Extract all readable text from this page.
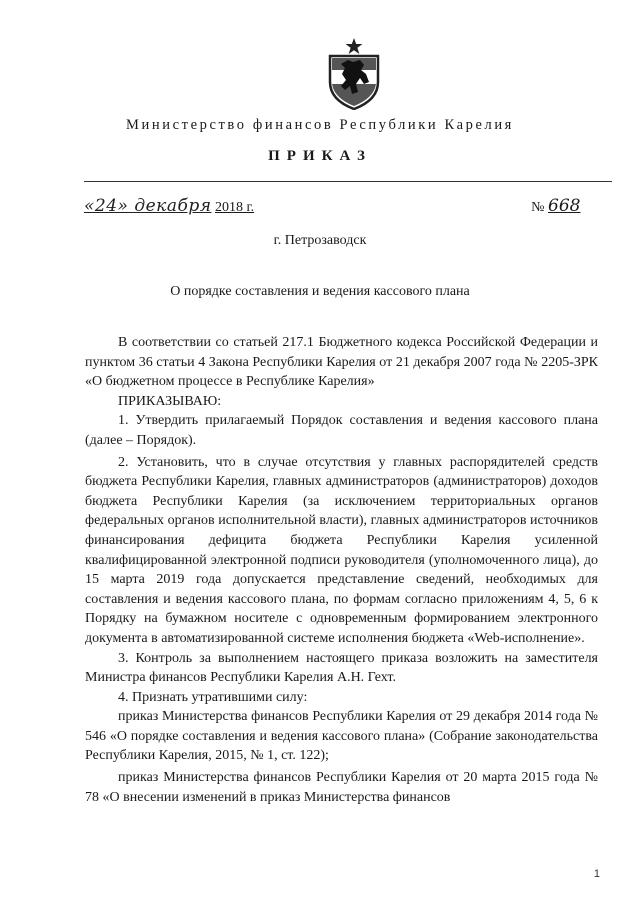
Министерство финансов Республики Карелия
ПРИКАЗ
«24» декабря 2018 г.	№ 668
г. Петрозаводск
О порядке составления и ведения кассового плана

В соответствии со статьей 217.1 Бюджетного кодекса Российской Федерации и пунктом 36 статьи 4 Закона Республики Карелия от 21 декабря 2007 года № 2205-ЗРК «О бюджетном процессе в Республике Карелия»

ПРИКАЗЫВАЮ:

1. Утвердить прилагаемый Порядок составления и ведения кассового плана (далее – Порядок).

2. Установить, что в случае отсутствия у главных распорядителей средств бюджета Республики Карелия, главных администраторов (администраторов) доходов бюджета Республики Карелия (за исключением территориальных органов федеральных органов исполнительной власти), главных администраторов источников финансирования дефицита бюджета Республики Карелия усиленной квалифицированной электронной подписи руководителя (уполномоченного лица), до 15 марта 2019 года допускается представление сведений, необходимых для составления и ведения кассового плана, по формам согласно приложениям 4, 5, 6 к Порядку на бумажном носителе с одновременным формированием электронного документа в автоматизированной системе исполнения бюджета «Web-исполнение».

3. Контроль за выполнением настоящего приказа возложить на заместителя Министра финансов Республики Карелия А.Н. Гехт.

4. Признать утратившими силу:

приказ Министерства финансов Республики Карелия от 29 декабря 2014 года № 546 «О порядке составления и ведения кассового плана» (Собрание законодательства Республики Карелия, 2015, № 1, ст. 122);

приказ Министерства финансов Республики Карелия от 20 марта 2015 года № 78 «О внесении изменений в приказ Министерства финансов

1
